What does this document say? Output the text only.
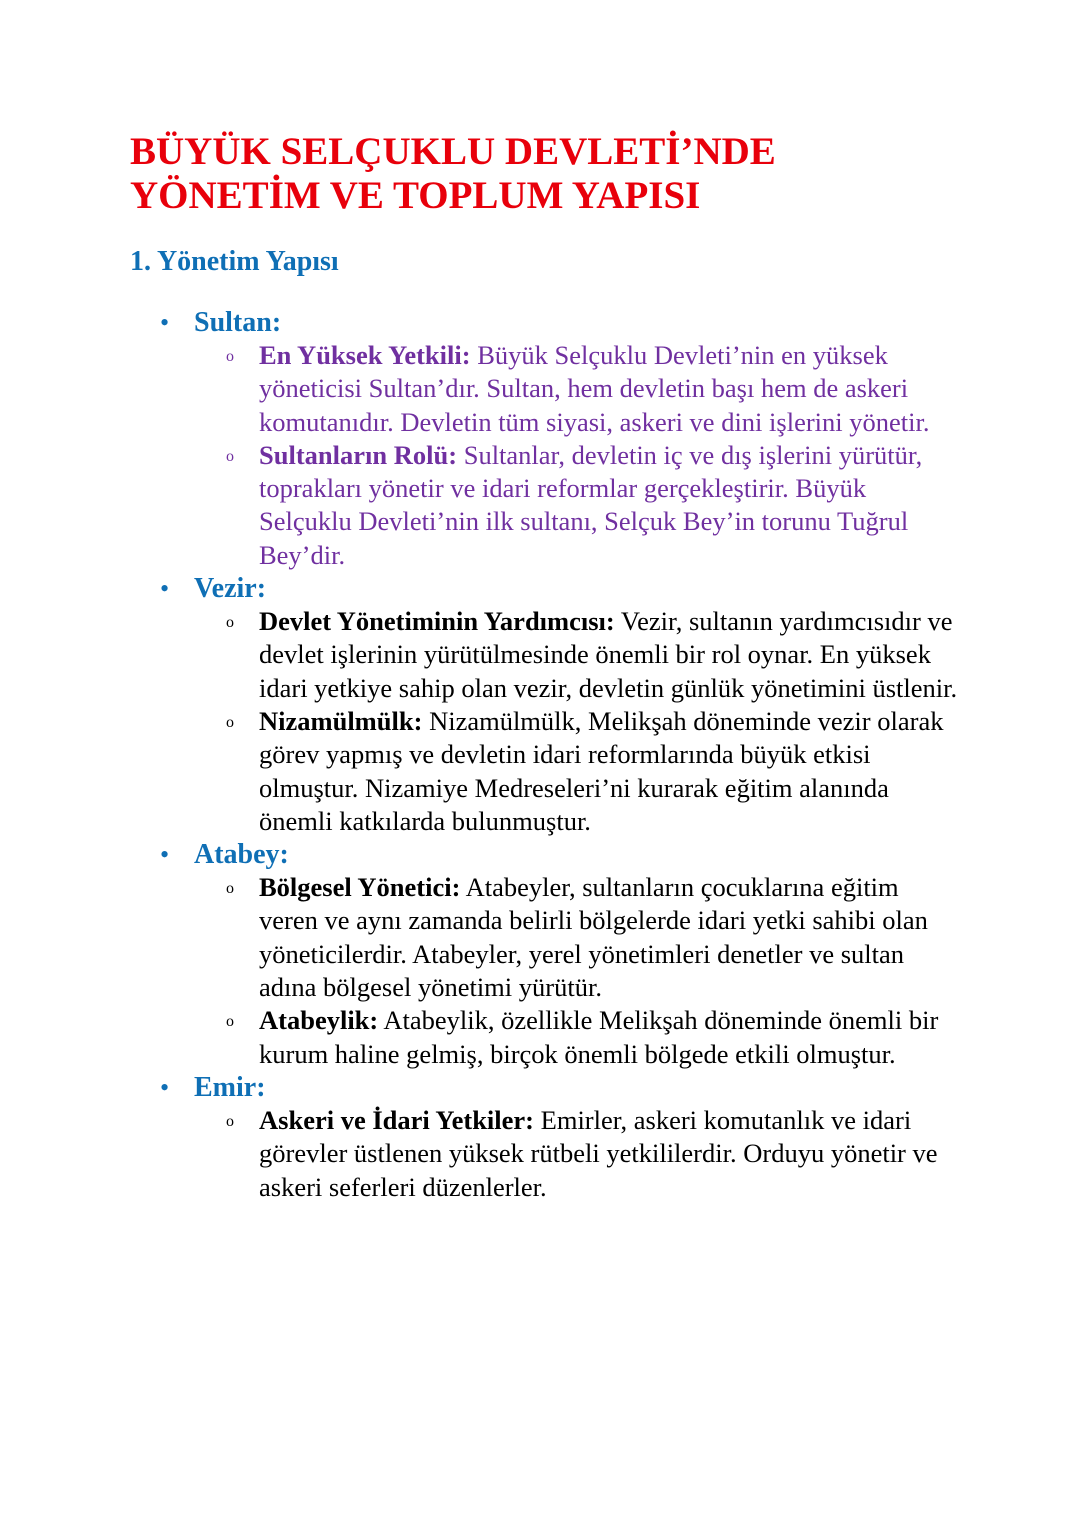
BÜYÜK SELÇUKLU DEVLETİ’NDE
YÖNETİM VE TOPLUM YAPISI
1. Yönetim Yapısı
• Sultan:
o En Yüksek Yetkili: Büyük Selçuklu Devleti’nin en yüksek yöneticisi Sultan’dır. Sultan, hem devletin başı hem de askeri komutanıdır. Devletin tüm siyasi, askeri ve dini işlerini yönetir.
o Sultanların Rolü: Sultanlar, devletin iç ve dış işlerini yürütür, toprakları yönetir ve idari reformlar gerçekleştirir. Büyük Selçuklu Devleti’nin ilk sultanı, Selçuk Bey’in torunu Tuğrul Bey’dir.
• Vezir:
o Devlet Yönetiminin Yardımcısı: Vezir, sultanın yardımcısıdır ve devlet işlerinin yürütülmesinde önemli bir rol oynar. En yüksek idari yetkiye sahip olan vezir, devletin günlük yönetimini üstlenir.
o Nizamülmülk: Nizamülmülk, Melikşah döneminde vezir olarak görev yapmış ve devletin idari reformlarında büyük etkisi olmuştur. Nizamiye Medreseleri’ni kurarak eğitim alanında önemli katkılarda bulunmuştur.
• Atabey:
o Bölgesel Yönetici: Atabeyler, sultanların çocuklarına eğitim veren ve aynı zamanda belirli bölgelerde idari yetki sahibi olan yöneticilerdir. Atabeyler, yerel yönetimleri denetler ve sultan adına bölgesel yönetimi yürütür.
o Atabeylik: Atabeylik, özellikle Melikşah döneminde önemli bir kurum haline gelmiş, birçok önemli bölgede etkili olmuştur.
• Emir:
o Askeri ve İdari Yetkiler: Emirler, askeri komutanlık ve idari görevler üstlenen yüksek rütbeli yetkililerdir. Orduyu yönetir ve askeri seferleri düzenlerler.
